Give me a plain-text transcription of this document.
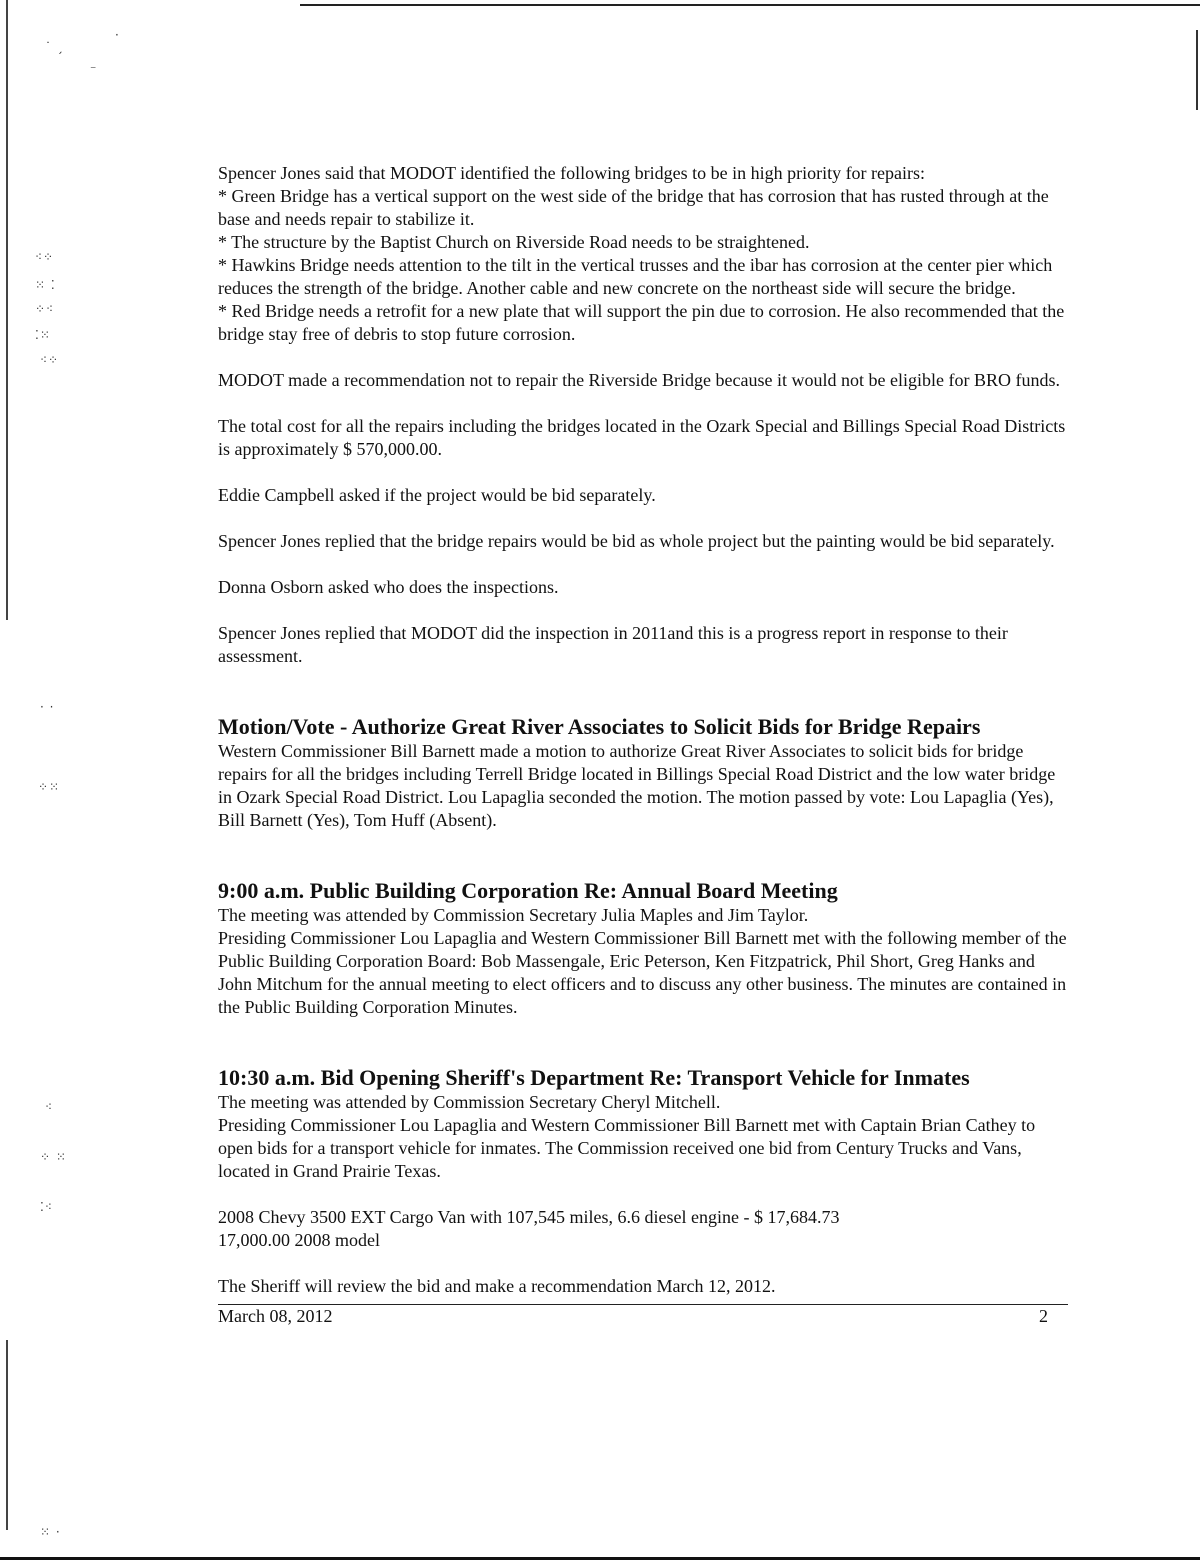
˙ ˏ
·
⁻
⁖⁘
⁙ ⁚
⁘⁖
⁚⁙
⁖⁘
· ·
⁘⁙
⁖
⁘ ⁙
⁚⁖
⁙ ·

Spencer Jones said that MODOT identified the following bridges to be in high priority for repairs:

* Green Bridge has a vertical support on the west side of the bridge that has corrosion that has rusted through at the base and needs repair to stabilize it.

* The structure by the Baptist Church on Riverside Road needs to be straightened.

* Hawkins Bridge needs attention to the tilt in the vertical trusses and the ibar has corrosion at the center pier which reduces the strength of the bridge. Another cable and new concrete on the northeast side will secure the bridge.

* Red Bridge needs a retrofit for a new plate that will support the pin due to corrosion. He also recommended that the bridge stay free of debris to stop future corrosion.

MODOT made a recommendation not to repair the Riverside Bridge because it would not be eligible for BRO funds.

The total cost for all the repairs including the bridges located in the Ozark Special and Billings Special Road Districts is approximately $ 570,000.00.

Eddie Campbell asked if the project would be bid separately.

Spencer Jones replied that the bridge repairs would be bid as whole project but the painting would be bid separately.

Donna Osborn asked who does the inspections.

Spencer Jones replied that MODOT did the inspection in 2011and this is a progress report in response to their assessment.

Motion/Vote - Authorize Great River Associates to Solicit Bids for Bridge Repairs

Western Commissioner Bill Barnett made a motion to authorize Great River Associates to solicit bids for bridge repairs for all the bridges including Terrell Bridge located in Billings Special Road District and the low water bridge in Ozark Special Road District. Lou Lapaglia seconded the motion. The motion passed by vote: Lou Lapaglia (Yes), Bill Barnett (Yes), Tom Huff (Absent).

9:00 a.m. Public Building Corporation Re: Annual Board Meeting

The meeting was attended by Commission Secretary Julia Maples and Jim Taylor.

Presiding Commissioner Lou Lapaglia and Western Commissioner Bill Barnett met with the following member of the Public Building Corporation Board: Bob Massengale, Eric Peterson, Ken Fitzpatrick, Phil Short, Greg Hanks and John Mitchum for the annual meeting to elect officers and to discuss any other business. The minutes are contained in the Public Building Corporation Minutes.

10:30 a.m. Bid Opening Sheriff's Department Re: Transport Vehicle for Inmates

The meeting was attended by Commission Secretary Cheryl Mitchell.

Presiding Commissioner Lou Lapaglia and Western Commissioner Bill Barnett met with Captain Brian Cathey to open bids for a transport vehicle for inmates. The Commission received one bid from Century Trucks and Vans, located in Grand Prairie Texas.

2008 Chevy 3500 EXT Cargo Van with 107,545 miles, 6.6 diesel engine - $ 17,684.73

17,000.00 2008 model

The Sheriff will review the bid and make a recommendation March 12, 2012.

March 08, 2012	2
